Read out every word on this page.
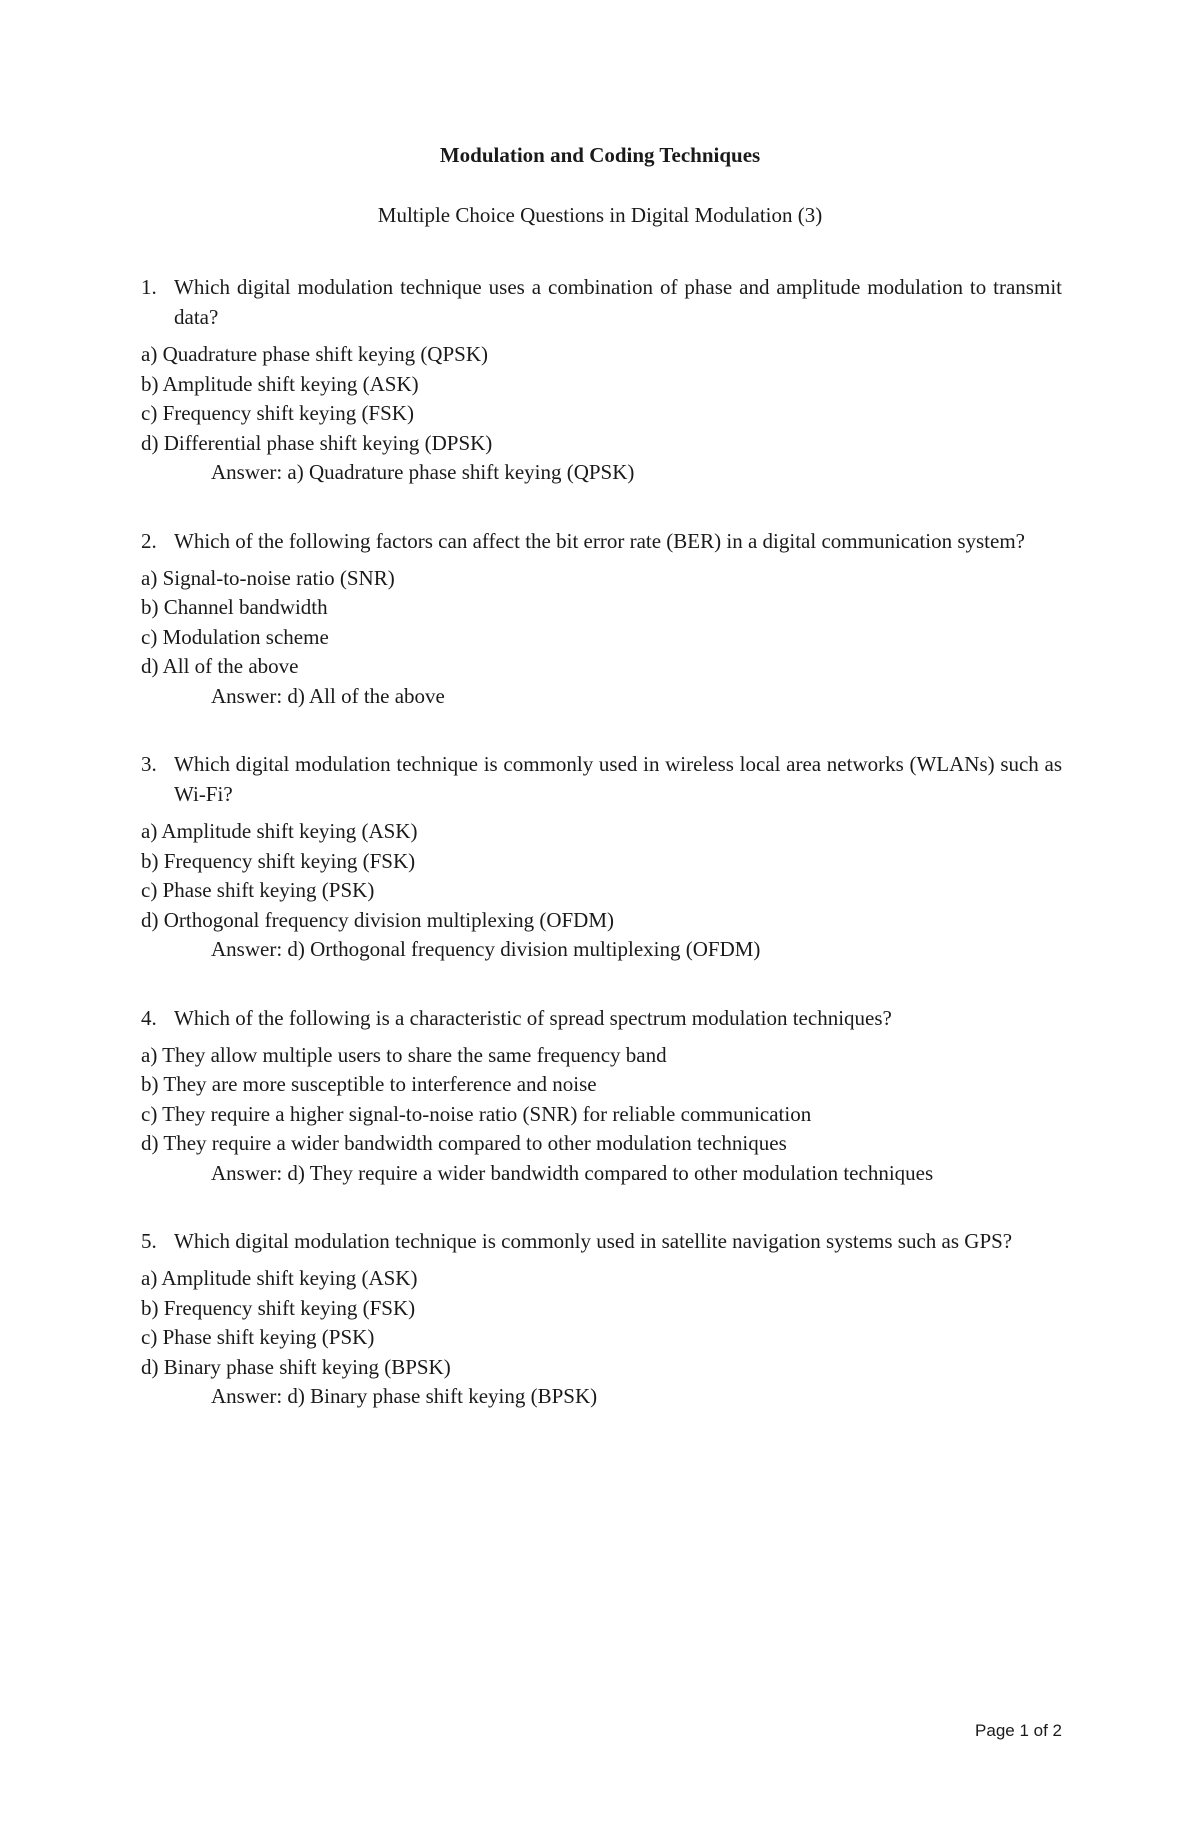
Modulation and Coding Techniques

Multiple Choice Questions in Digital Modulation (3)

1. Which digital modulation technique uses a combination of phase and amplitude modulation to transmit data?

a) Quadrature phase shift keying (QPSK)
b) Amplitude shift keying (ASK)
c) Frequency shift keying (FSK)
d) Differential phase shift keying (DPSK)

Answer: a) Quadrature phase shift keying (QPSK)

2. Which of the following factors can affect the bit error rate (BER) in a digital communication system?

a) Signal-to-noise ratio (SNR)
b) Channel bandwidth
c) Modulation scheme
d) All of the above

Answer: d) All of the above

3. Which digital modulation technique is commonly used in wireless local area networks (WLANs) such as Wi-Fi?

a) Amplitude shift keying (ASK)
b) Frequency shift keying (FSK)
c) Phase shift keying (PSK)
d) Orthogonal frequency division multiplexing (OFDM)

Answer: d) Orthogonal frequency division multiplexing (OFDM)

4. Which of the following is a characteristic of spread spectrum modulation techniques?

a) They allow multiple users to share the same frequency band
b) They are more susceptible to interference and noise
c) They require a higher signal-to-noise ratio (SNR) for reliable communication
d) They require a wider bandwidth compared to other modulation techniques

Answer: d) They require a wider bandwidth compared to other modulation techniques

5. Which digital modulation technique is commonly used in satellite navigation systems such as GPS?

a) Amplitude shift keying (ASK)
b) Frequency shift keying (FSK)
c) Phase shift keying (PSK)
d) Binary phase shift keying (BPSK)

Answer: d) Binary phase shift keying (BPSK)

Page 1 of 2
